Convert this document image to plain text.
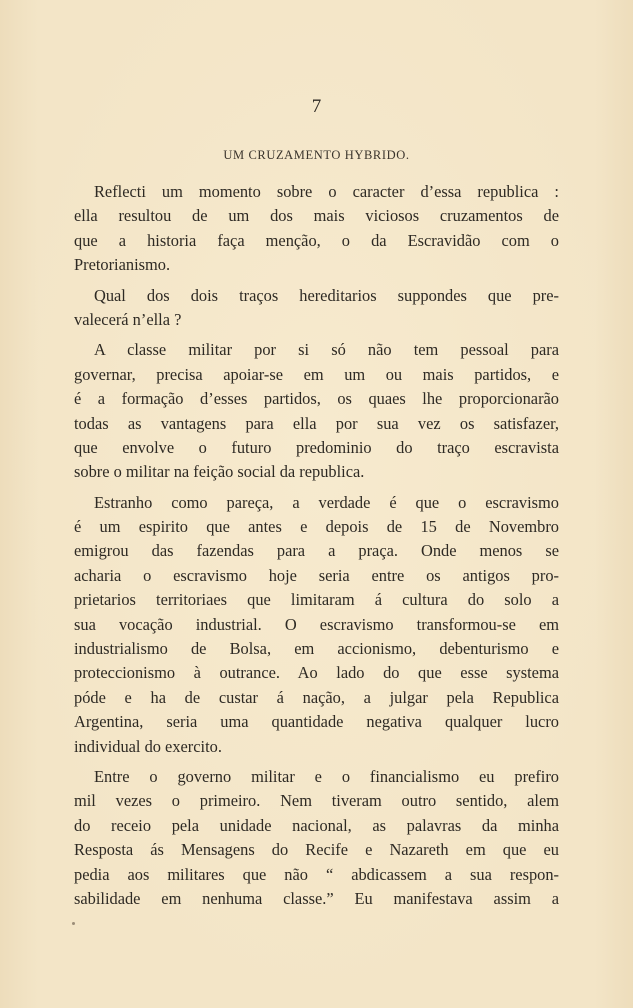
7
UM CRUZAMENTO HYBRIDO.
Reflecti um momento sobre o caracter d’essa republica :
ella resultou de um dos mais viciosos cruzamentos de
que a historia faça menção, o da Escravidão com o
Pretorianismo.
Qual dos dois traços hereditarios suppondes que pre-
valecerá n’ella ?
A classe militar por si só não tem pessoal para
governar, precisa apoiar-se em um ou mais partidos, e
é a formação d’esses partidos, os quaes lhe proporcionarão
todas as vantagens para ella por sua vez os satisfazer,
que envolve o futuro predominio do traço escravista
sobre o militar na feição social da republica.
Estranho como pareça, a verdade é que o escravismo
é um espirito que antes e depois de 15 de Novembro
emigrou das fazendas para a praça. Onde menos se
acharia o escravismo hoje seria entre os antigos pro-
prietarios territoriaes que limitaram á cultura do solo a
sua vocação industrial. O escravismo transformou-se em
industrialismo de Bolsa, em accionismo, debenturismo e
proteccionismo à outrance. Ao lado do que esse systema
póde e ha de custar á nação, a julgar pela Republica
Argentina, seria uma quantidade negativa qualquer lucro
individual do exercito.
Entre o governo militar e o financialismo eu prefiro
mil vezes o primeiro. Nem tiveram outro sentido, alem
do receio pela unidade nacional, as palavras da minha
Resposta ás Mensagens do Recife e Nazareth em que eu
pedia aos militares que não “ abdicassem a sua respon-
sabilidade em nenhuma classe.” Eu manifestava assim a
